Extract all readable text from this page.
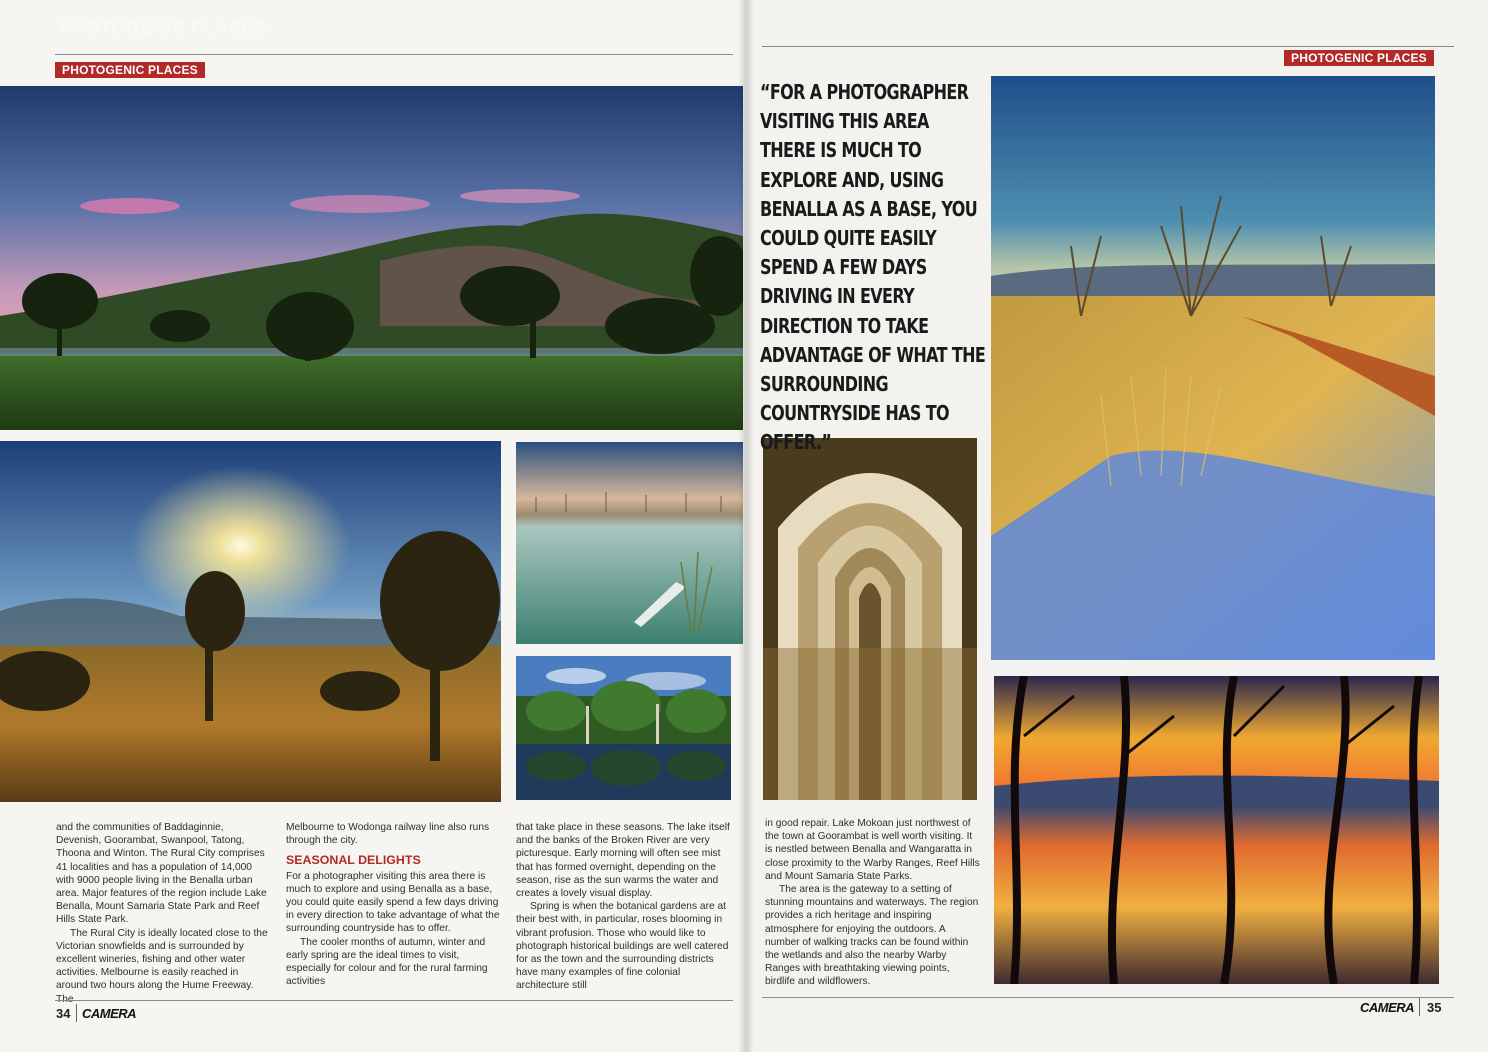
PHOTOGENIC PLACES
PHOTOGENIC PLACES

and the communities of Baddaginnie, Devenish, Goorambat, Swanpool, Tatong, Thoona and Winton. The Rural City comprises 41 localities and has a population of 14,000 with 9000 people living in the Benalla urban area. Major features of the region include Lake Benalla, Mount Samaria State Park and Reef Hills State Park.

The Rural City is ideally located close to the Victorian snowfields and is surrounded by excellent wineries, fishing and other water activities. Melbourne is easily reached in around two hours along the Hume Freeway.

Melbourne to Wodonga railway line also runs through the city.

SEASONAL DELIGHTS

For a photographer visiting this area there is much to explore and using Benalla as a base, you could quite easily spend a few days driving in every direction to take advantage of what the surrounding countryside has to offer.

The cooler months of autumn, winter and early spring are the ideal times to visit, especially for colour and for the rural farming activities

that take place in these seasons. The lake itself and the banks of the Broken River are very picturesque. Early morning will often see mist that has formed overnight, depending on the season, rise as the sun warms the water and creates a lovely visual display.

Spring is when the botanical gardens are at their best with, in particular, roses blooming in vibrant profusion. Those who would like to photograph historical buildings are well catered for as the town and the surrounding districts have many examples of fine colonial architecture still

34 CAMERA
PHOTOGENIC PLACES

in good repair. Lake Mokoan just northwest of the town at Goorambat is well worth visiting. It is nestled between Benalla and Wangaratta in close proximity to the Warby Ranges, Reef Hills and Mount Samaria State Parks.

The area is the gateway to a setting of stunning mountains and waterways. The region provides a rich heritage and inspiring atmosphere for enjoying the outdoors. A number of walking tracks can be found within the wetlands and also the nearby Warby Ranges with breathtaking viewing points, birdlife and wildflowers.

CAMERA 35
“FOR A PHOTOGRAPHER VISITING THIS AREA THERE IS MUCH TO EXPLORE AND, USING BENALLA AS A BASE, YOU COULD QUITE EASILY SPEND A FEW DAYS DRIVING IN EVERY DIRECTION TO TAKE ADVANTAGE OF WHAT THE SURROUNDING COUNTRYSIDE HAS TO OFFER.”
